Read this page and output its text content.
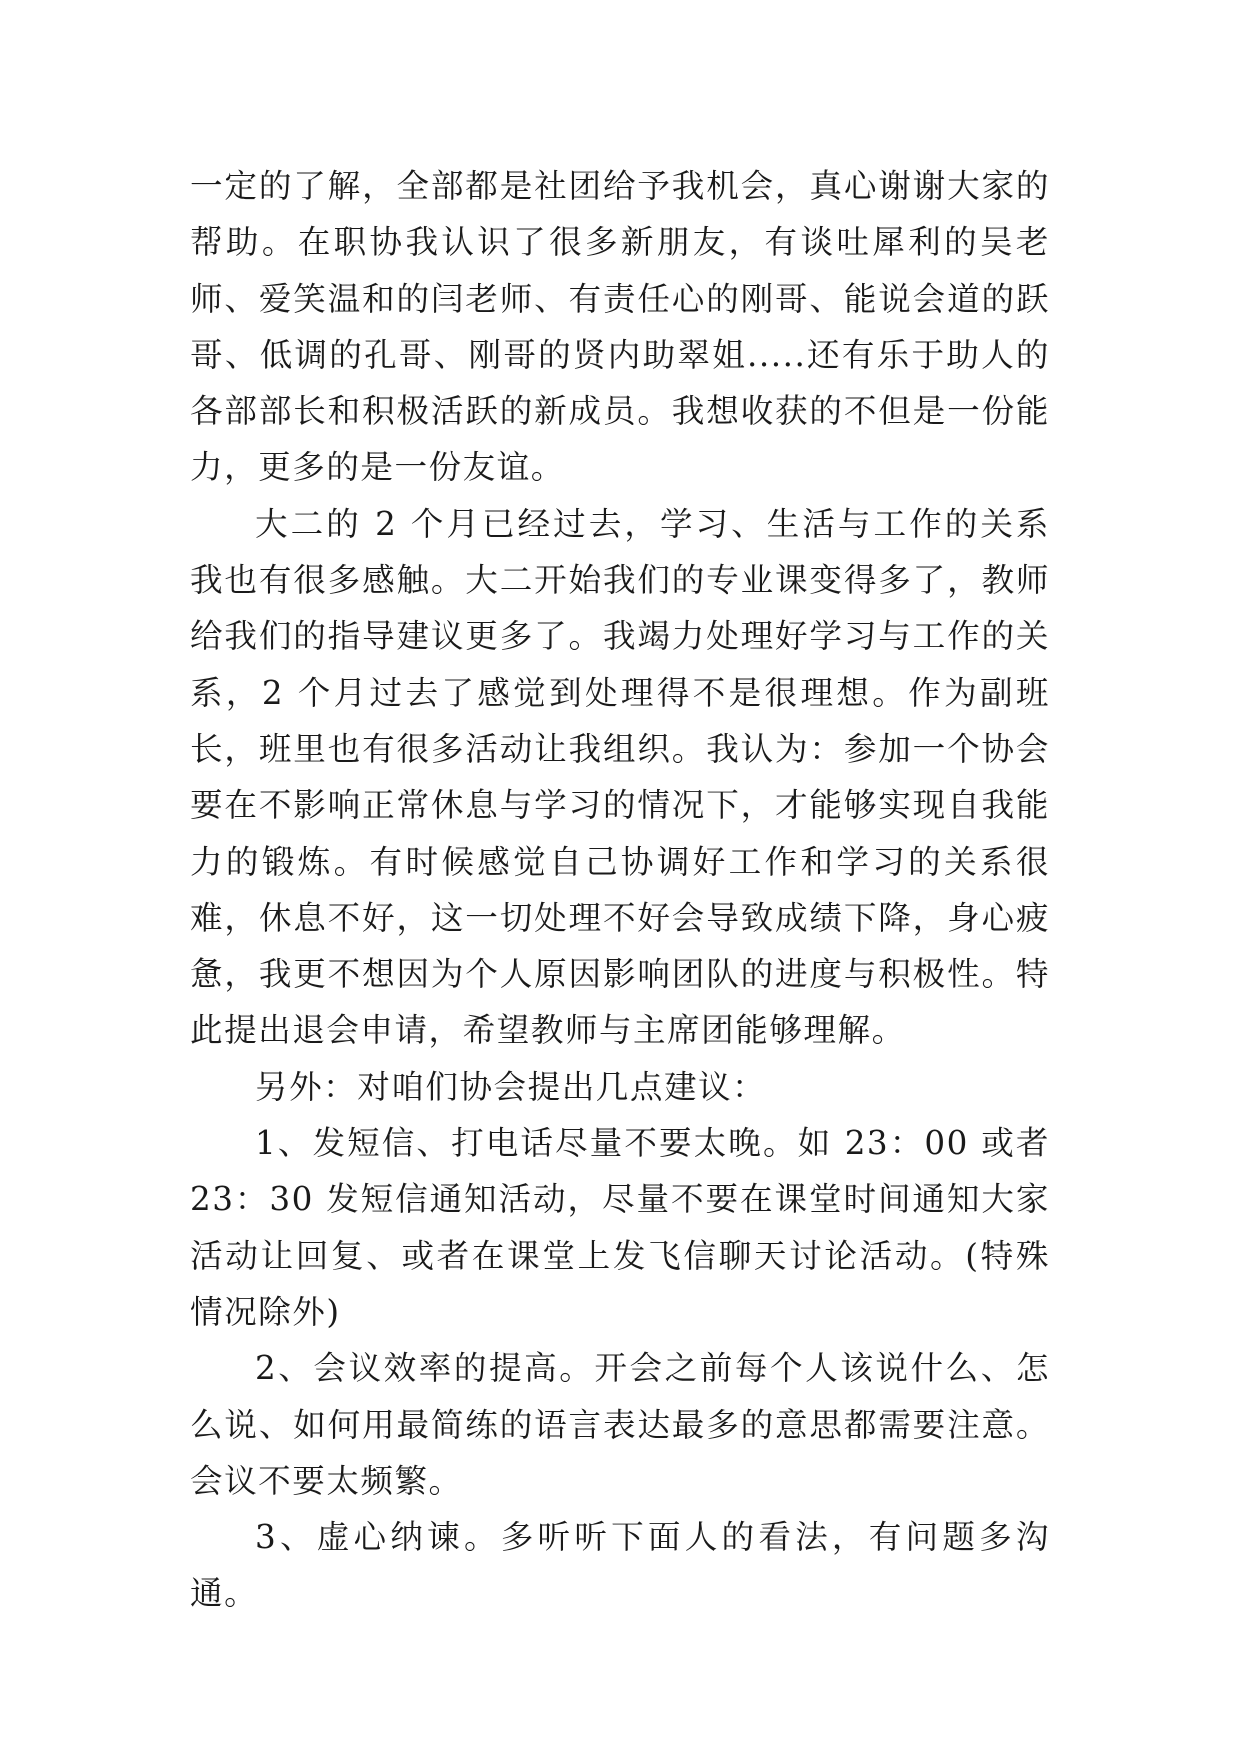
一定的了解，全部都是社团给予我机会，真心谢谢大家的帮助。在职协我认识了很多新朋友，有谈吐犀利的吴老师、爱笑温和的闫老师、有责任心的刚哥、能说会道的跃哥、低调的孔哥、刚哥的贤内助翠姐.....还有乐于助人的各部部长和积极活跃的新成员。我想收获的不但是一份能力，更多的是一份友谊。

大二的 2 个月已经过去，学习、生活与工作的关系我也有很多感触。大二开始我们的专业课变得多了，教师给我们的指导建议更多了。我竭力处理好学习与工作的关系，2 个月过去了感觉到处理得不是很理想。作为副班长，班里也有很多活动让我组织。我认为：参加一个协会要在不影响正常休息与学习的情况下，才能够实现自我能力的锻炼。有时候感觉自己协调好工作和学习的关系很难，休息不好，这一切处理不好会导致成绩下降，身心疲惫，我更不想因为个人原因影响团队的进度与积极性。特此提出退会申请，希望教师与主席团能够理解。

另外：对咱们协会提出几点建议：

1、发短信、打电话尽量不要太晚。如 23：00 或者 23：30 发短信通知活动，尽量不要在课堂时间通知大家活动让回复、或者在课堂上发飞信聊天讨论活动。(特殊情况除外)

2、会议效率的提高。开会之前每个人该说什么、怎么说、如何用最简练的语言表达最多的意思都需要注意。会议不要太频繁。

3、虚心纳谏。多听听下面人的看法，有问题多沟通。
